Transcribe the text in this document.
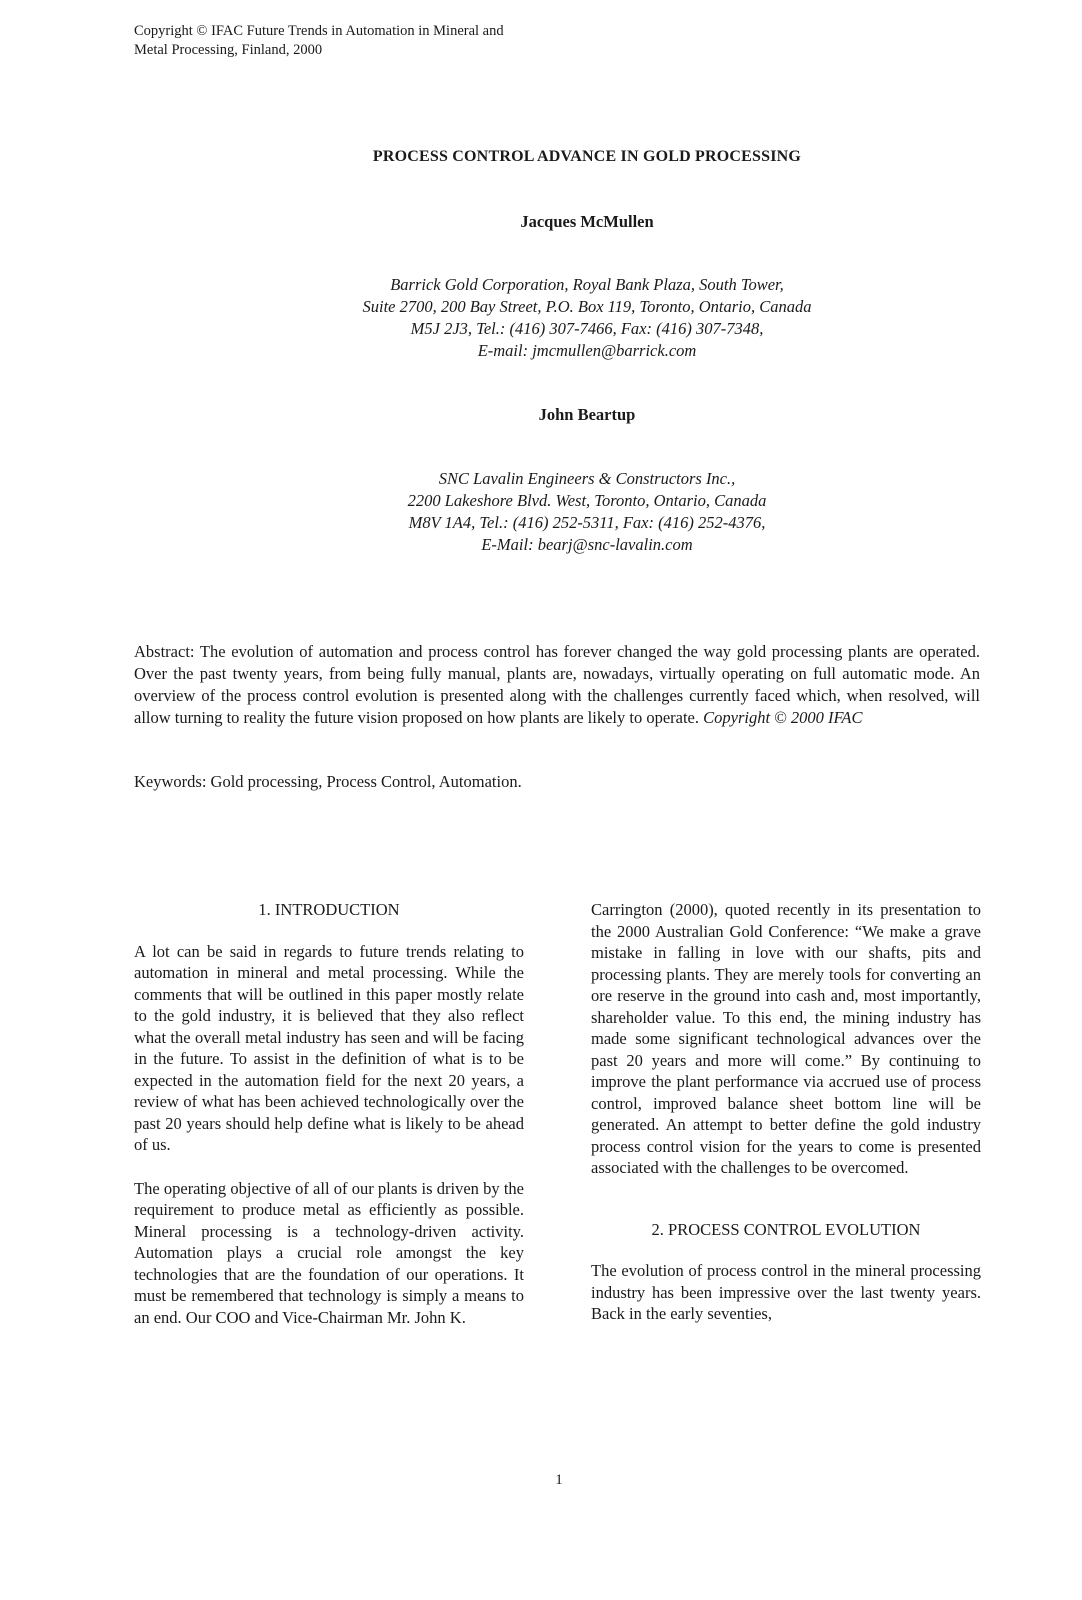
Copyright © IFAC Future Trends in Automation in Mineral and
Metal Processing, Finland, 2000
PROCESS CONTROL ADVANCE IN GOLD PROCESSING
Jacques McMullen
Barrick Gold Corporation, Royal Bank Plaza, South Tower,
Suite 2700, 200 Bay Street, P.O. Box 119, Toronto, Ontario, Canada
M5J 2J3, Tel.: (416) 307-7466, Fax: (416) 307-7348,
E-mail: jmcmullen@barrick.com
John Beartup
SNC Lavalin Engineers & Constructors Inc.,
2200 Lakeshore Blvd. West, Toronto, Ontario, Canada
M8V 1A4, Tel.: (416) 252-5311, Fax: (416) 252-4376,
E-Mail: bearj@snc-lavalin.com
Abstract: The evolution of automation and process control has forever changed the way gold processing plants are operated. Over the past twenty years, from being fully manual, plants are, nowadays, virtually operating on full automatic mode. An overview of the process control evolution is presented along with the challenges currently faced which, when resolved, will allow turning to reality the future vision proposed on how plants are likely to operate. Copyright © 2000 IFAC
Keywords: Gold processing, Process Control, Automation.
1. INTRODUCTION

A lot can be said in regards to future trends relating to automation in mineral and metal processing. While the comments that will be outlined in this paper mostly relate to the gold industry, it is believed that they also reflect what the overall metal industry has seen and will be facing in the future. To assist in the definition of what is to be expected in the automation field for the next 20 years, a review of what has been achieved technologically over the past 20 years should help define what is likely to be ahead of us.

The operating objective of all of our plants is driven by the requirement to produce metal as efficiently as possible. Mineral processing is a technology-driven activity. Automation plays a crucial role amongst the key technologies that are the foundation of our operations. It must be remembered that technology is simply a means to an end. Our COO and Vice-Chairman Mr. John K.

Carrington (2000), quoted recently in its presentation to the 2000 Australian Gold Conference: “We make a grave mistake in falling in love with our shafts, pits and processing plants. They are merely tools for converting an ore reserve in the ground into cash and, most importantly, shareholder value. To this end, the mining industry has made some significant technological advances over the past 20 years and more will come.” By continuing to improve the plant performance via accrued use of process control, improved balance sheet bottom line will be generated. An attempt to better define the gold industry process control vision for the years to come is presented associated with the challenges to be overcomed.

2. PROCESS CONTROL EVOLUTION

The evolution of process control in the mineral processing industry has been impressive over the last twenty years. Back in the early seventies,

1
